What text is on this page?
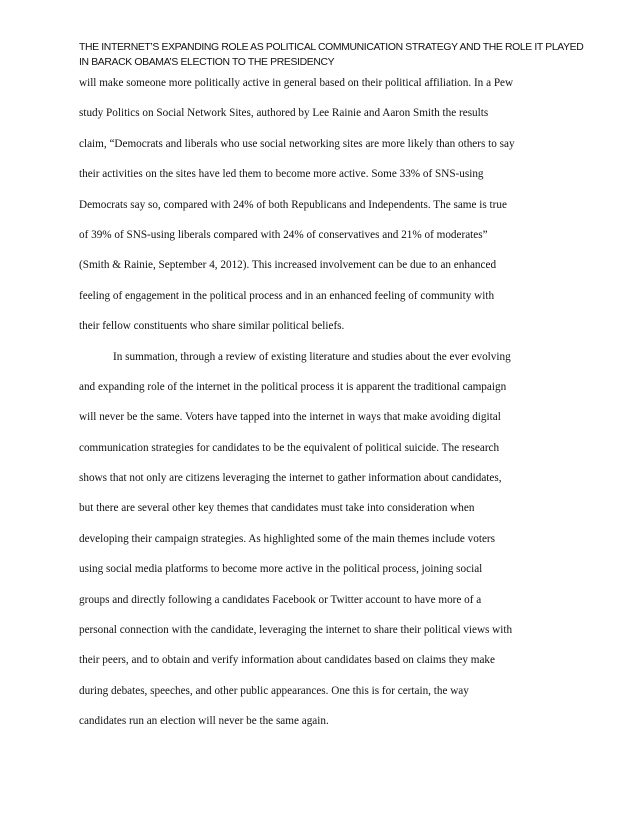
THE INTERNET’S EXPANDING ROLE AS POLITICAL COMMUNICATION STRATEGY AND THE ROLE IT PLAYED
IN BARACK OBAMA’S ELECTION TO THE PRESIDENCY
will make someone more politically active in general based on their political affiliation. In a Pew
study Politics on Social Network Sites, authored by Lee Rainie and Aaron Smith the results
claim, “Democrats and liberals who use social networking sites are more likely than others to say
their activities on the sites have led them to become more active. Some 33% of SNS-using
Democrats say so, compared with 24% of both Republicans and Independents. The same is true
of 39% of SNS-using liberals compared with 24% of conservatives and 21% of moderates”
(Smith & Rainie, September 4, 2012). This increased involvement can be due to an enhanced
feeling of engagement in the political process and in an enhanced feeling of community with
their fellow constituents who share similar political beliefs.
In summation, through a review of existing literature and studies about the ever evolving
and expanding role of the internet in the political process it is apparent the traditional campaign
will never be the same. Voters have tapped into the internet in ways that make avoiding digital
communication strategies for candidates to be the equivalent of political suicide. The research
shows that not only are citizens leveraging the internet to gather information about candidates,
but there are several other key themes that candidates must take into consideration when
developing their campaign strategies. As highlighted some of the main themes include voters
using social media platforms to become more active in the political process, joining social
groups and directly following a candidates Facebook or Twitter account to have more of a
personal connection with the candidate, leveraging the internet to share their political views with
their peers, and to obtain and verify information about candidates based on claims they make
during debates, speeches, and other public appearances. One this is for certain, the way
candidates run an election will never be the same again.
